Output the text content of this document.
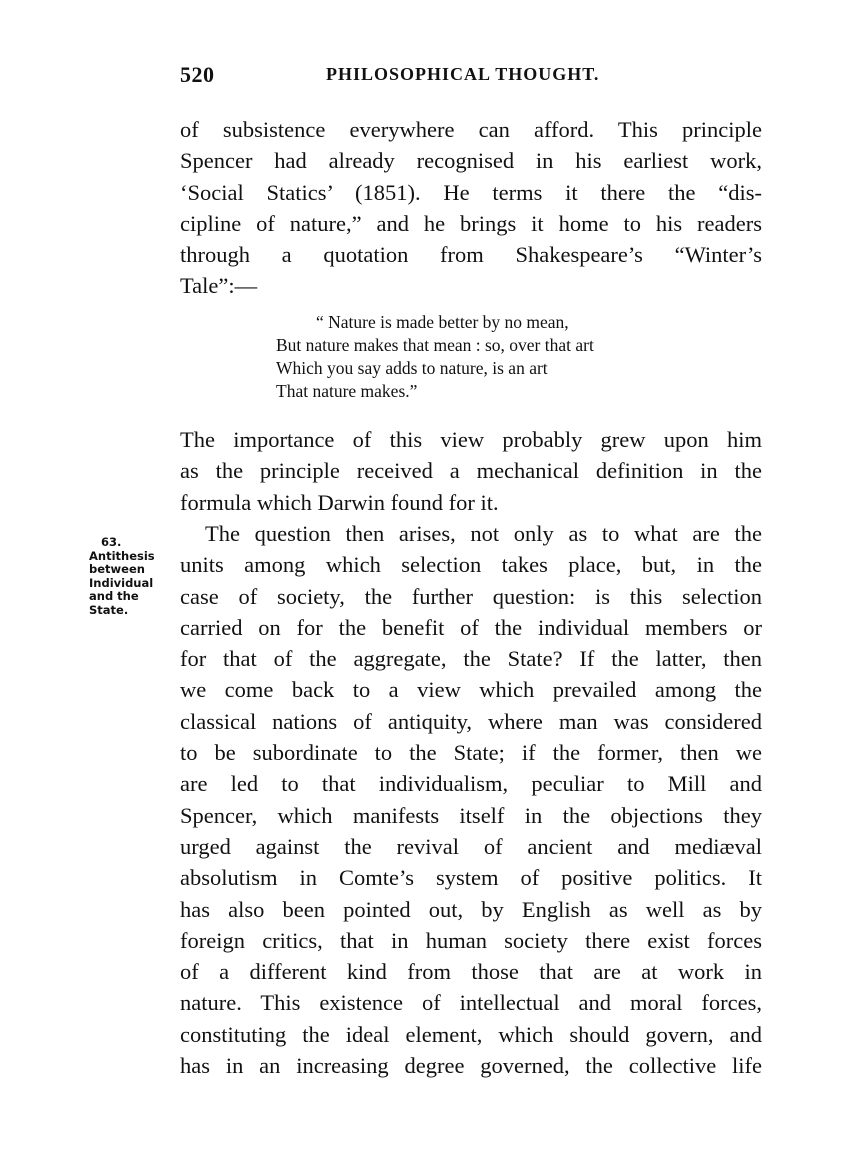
520	PHILOSOPHICAL THOUGHT.
of subsistence everywhere can afford. This principle
Spencer had already recognised in his earliest work,
‘Social Statics’ (1851). He terms it there the “dis-
cipline of nature,” and he brings it home to his readers
through a quotation from Shakespeare’s “Winter’s
Tale”:—
“ Nature is made better by no mean,
But nature makes that mean : so, over that art
Which you say adds to nature, is an art
That nature makes.”
The importance of this view probably grew upon him
as the principle received a mechanical definition in the
formula which Darwin found for it.
63.
Antithesis
between
Individual
and the
State.
The question then arises, not only as to what are the
units among which selection takes place, but, in the
case of society, the further question: is this selection
carried on for the benefit of the individual members or
for that of the aggregate, the State? If the latter, then
we come back to a view which prevailed among the
classical nations of antiquity, where man was considered
to be subordinate to the State; if the former, then we
are led to that individualism, peculiar to Mill and
Spencer, which manifests itself in the objections they
urged against the revival of ancient and mediæval
absolutism in Comte’s system of positive politics. It
has also been pointed out, by English as well as by
foreign critics, that in human society there exist forces
of a different kind from those that are at work in
nature. This existence of intellectual and moral forces,
constituting the ideal element, which should govern, and
has in an increasing degree governed, the collective life
